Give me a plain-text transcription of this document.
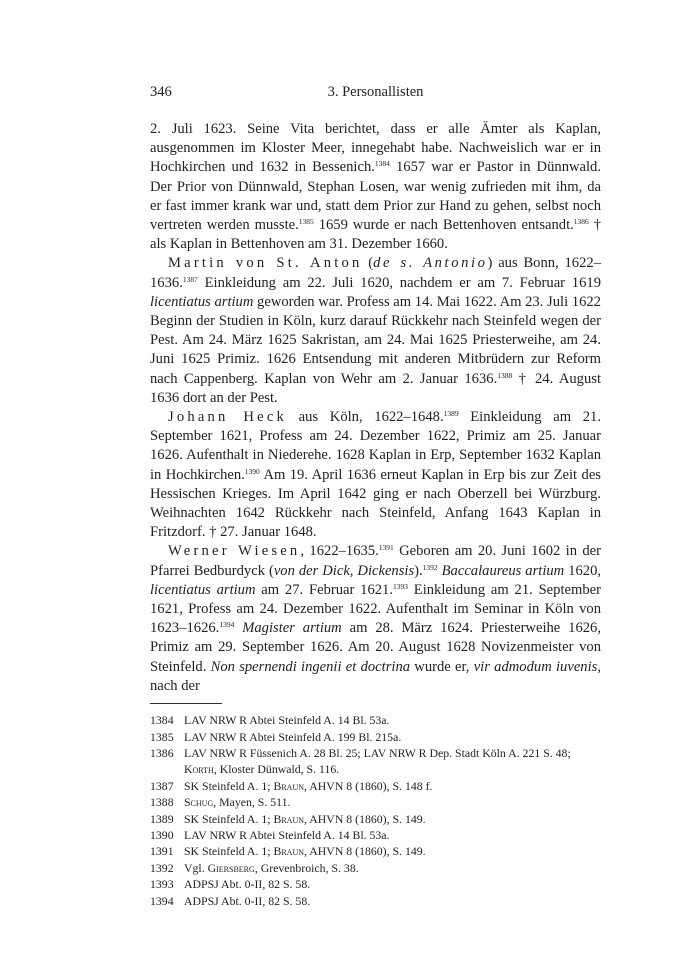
346	3. Personallisten

2. Juli 1623. Seine Vita berichtet, dass er alle Ämter als Kaplan, ausgenommen im Kloster Meer, innegehabt habe. Nachweislich war er in Hochkirchen und 1632 in Bessenich.$^{1384}$ 1657 war er Pastor in Dünnwald. Der Prior von Dünnwald, Stephan Losen, war wenig zufrieden mit ihm, da er fast immer krank war und, statt dem Prior zur Hand zu gehen, selbst noch vertreten werden musste.$^{1385}$ 1659 wurde er nach Bettenhoven entsandt.$^{1386}$ † als Kaplan in Bettenhoven am 31. Dezember 1660.

Martin von St. Anton (de s. Antonio) aus Bonn, 1622–1636.$^{1387}$ Einkleidung am 22. Juli 1620, nachdem er am 7. Februar 1619 licentiatus artium geworden war. Profess am 14. Mai 1622. Am 23. Juli 1622 Beginn der Studien in Köln, kurz darauf Rückkehr nach Steinfeld wegen der Pest. Am 24. März 1625 Sakristan, am 24. Mai 1625 Priesterweihe, am 24. Juni 1625 Primiz. 1626 Entsendung mit anderen Mitbrüdern zur Reform nach Cappenberg. Kaplan von Wehr am 2. Januar 1636.$^{1388}$ † 24. August 1636 dort an der Pest.

Johann Heck aus Köln, 1622–1648.$^{1389}$ Einkleidung am 21. September 1621, Profess am 24. Dezember 1622, Primiz am 25. Januar 1626. Aufenthalt in Niederehe. 1628 Kaplan in Erp, September 1632 Kaplan in Hochkirchen.$^{1390}$ Am 19. April 1636 erneut Kaplan in Erp bis zur Zeit des Hessischen Krieges. Im April 1642 ging er nach Oberzell bei Würzburg. Weihnachten 1642 Rückkehr nach Steinfeld, Anfang 1643 Kaplan in Fritzdorf. † 27. Januar 1648.

Werner Wiesen, 1622–1635.$^{1391}$ Geboren am 20. Juni 1602 in der Pfarrei Bedburdyck (von der Dick, Dickensis).$^{1392}$ Baccalaureus artium 1620, licentiatus artium am 27. Februar 1621.$^{1393}$ Einkleidung am 21. September 1621, Profess am 24. Dezember 1622. Aufenthalt im Seminar in Köln von 1623–1626.$^{1394}$ Magister artium am 28. März 1624. Priesterweihe 1626, Primiz am 29. September 1626. Am 20. August 1628 Novizenmeister von Steinfeld. Non spernendi ingenii et doctrina wurde er, vir admodum iuvenis, nach der

1384 LAV NRW R Abtei Steinfeld A. 14 Bl. 53a.
1385 LAV NRW R Abtei Steinfeld A. 199 Bl. 215a.
1386 LAV NRW R Füssenich A. 28 Bl. 25; LAV NRW R Dep. Stadt Köln A. 221 S. 48; Korth, Kloster Dünwald, S. 116.
1387 SK Steinfeld A. 1; Braun, AHVN 8 (1860), S. 148 f.
1388 Schug, Mayen, S. 511.
1389 SK Steinfeld A. 1; Braun, AHVN 8 (1860), S. 149.
1390 LAV NRW R Abtei Steinfeld A. 14 Bl. 53a.
1391 SK Steinfeld A. 1; Braun, AHVN 8 (1860), S. 149.
1392 Vgl. Giersberg, Grevenbroich, S. 38.
1393 ADPSJ Abt. 0-II, 82 S. 58.
1394 ADPSJ Abt. 0-II, 82 S. 58.
